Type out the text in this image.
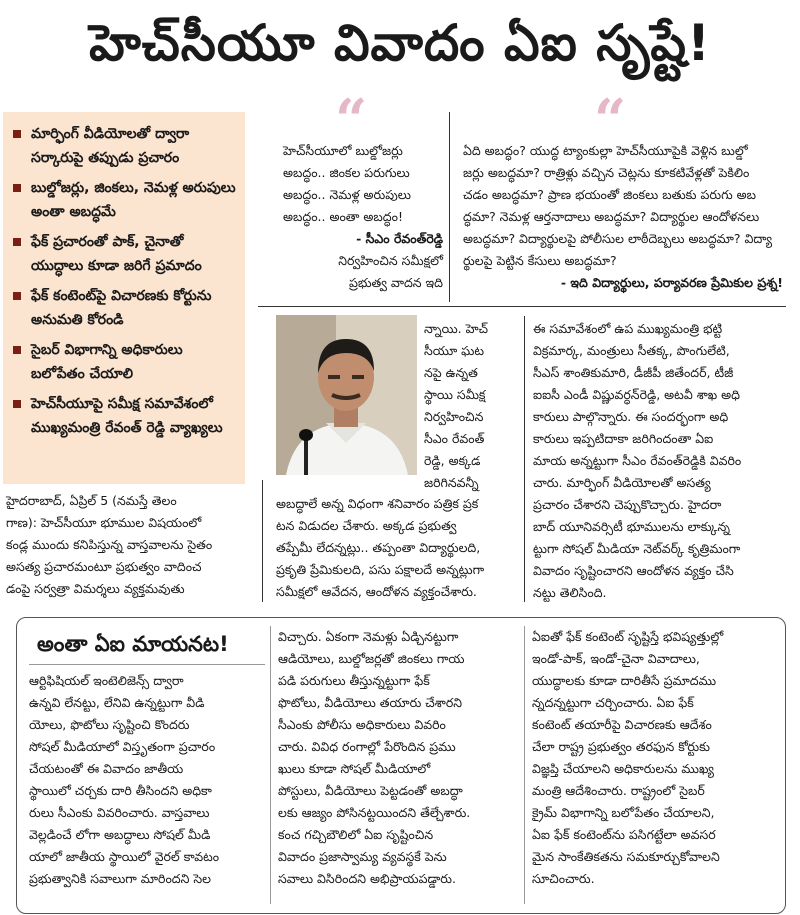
హెచ్‌సీయూ వివాదం ఏఐ సృష్టే!
మార్ఫింగ్ వీడియోలతో ద్వారా సర్కారుపై తప్పుడు ప్రచారం
బుల్డోజర్లు, జింకలు, నెమళ్ల అరుపులు అంతా అబద్ధమే
ఫేక్ ప్రచారంతో పాక్, చైనాతో యుద్ధాలు కూడా జరిగే ప్రమాదం
ఫేక్ కంటెంట్‌పై విచారణకు కోర్టును అనుమతి కోరండి
సైబర్ విభాగాన్ని అధికారులు బలోపేతం చేయాలి
హెచ్‌సీయూపై సమీక్ష సమావేశంలో ముఖ్యమంత్రి రేవంత్ రెడ్డి వ్యాఖ్యలు
“
హెచ్‌సీయూలో బుల్డోజర్లు
అబద్ధం.. జింకల పరుగులు
అబద్ధం.. నెమళ్ల అరుపులు
అబద్ధం.. అంతా అబద్ధం!
- సీఎం రేవంత్‌రెడ్డి
నిర్వహించిన సమీక్షలో
ప్రభుత్వ వాదన ఇది
“
ఏది అబద్ధం? యుద్ధ ట్యాంకుల్లా హెచ్‌సీయూపైకి వెళ్లిన బుల్డో
జర్లు అబద్ధమా? రాత్రిళ్లు వచ్చిన చెట్లను కూకటివేళ్లతో పెకిలిం
చడం అబద్ధమా? ప్రాణ భయంతో జింకలు బతుకు పరుగు అబ
ద్ధమా? నెమళ్ల ఆర్తనాదాలు అబద్ధమా? విద్యార్థుల ఆందోళనలు
అబద్ధమా? విద్యార్థులపై పోలీసుల లాఠీదెబ్బలు అబద్ధమా? విద్యా
ర్థులపై పెట్టిన కేసులు అబద్ధమా?
- ఇది విద్యార్థులు, పర్యావరణ ప్రేమికుల ప్రశ్న!
న్నాయి. హెచ్
సీయూ ఘట
నపై ఉన్నత
స్థాయి సమీక్ష
నిర్వహించిన
సీఎం రేవంత్
రెడ్డి, అక్కడ
జరిగినవన్నీ
అబద్ధాలే అన్న విధంగా శనివారం పత్రిక ప్రక
టన విడుదల చేశారు. అక్కడ ప్రభుత్వ
తప్పేమీ లేదన్నట్లు.. తప్పంతా విద్యార్థులది,
ప్రకృతి ప్రేమికులది, పసు పక్షాలదే అన్నట్లుగా
సమీక్షలో ఆవేదన, ఆందోళన వ్యక్తంచేశారు.
ఈ సమావేశంలో ఉప ముఖ్యమంత్రి భట్టి
విక్రమార్క, మంత్రులు సీతక్క, పొంగులేటి,
సీఎస్ శాంతికుమారి, డీజీపీ జితేందర్, టీజీ
ఐఐసీ ఎండీ విష్ణువర్ధన్‌రెడ్డి, అటవీ శాఖ అధి
కారులు పాల్గొన్నారు. ఈ సందర్భంగా అధి
కారులు ఇప్పటిదాకా జరిగిందంతా ఏఐ
మాయ అన్నట్టుగా సీఎం రేవంత్‌రెడ్డికి వివరిం
చారు. మార్ఫింగ్ వీడియోలతో అసత్య
ప్రచారం చేశారని చెప్పుకొచ్చారు. హైదరా
బాద్ యూనివర్సిటీ భూములను లాక్కున్న
ట్టుగా సోషల్ మీడియా నెట్‌వర్క్ కృత్రిమంగా
వివాదం సృష్టించారని ఆందోళన వ్యక్తం చేసి
నట్టు తెలిసింది.
హైదరాబాద్, ఏప్రిల్ 5 (నమస్తే తెలం
గాణ): హెచ్‌సీయూ భూముల విషయంలో
కండ్ల ముందు కనిపిస్తున్న వాస్తవాలను సైతం
అసత్య ప్రచారమంటూ ప్రభుత్వం వాదించ
డంపై సర్వత్రా విమర్శలు వ్యక్తమవుతు
అంతా ఏఐ మాయనట!
ఆర్టిఫిషియల్ ఇంటెలిజెన్స్ ద్వారా
ఉన్నవి లేనట్టు, లేనివి ఉన్నట్టుగా వీడి
యోలు, ఫొటోలు సృష్టించి కొందరు
సోషల్ మీడియాలో విస్తృతంగా ప్రచారం
చేయటంతో ఈ వివాదం జాతీయ
స్థాయిలో చర్చకు దారి తీసిందని అధికా
రులు సీఎంకు వివరించారు. వాస్తవాలు
వెల్లడించే లోగా అబద్ధాలు సోషల్ మీడి
యాలో జాతీయ స్థాయిలో వైరల్ కావటం
ప్రభుత్వానికి సవాలుగా మారిందని సెల
విచ్చారు. ఏకంగా నెమళ్లు ఏడ్చినట్టుగా
ఆడియోలు, బుల్డోజర్లతో జింకలు గాయ
పడి పరుగులు తీస్తున్నట్టుగా ఫేక్
ఫొటోలు, వీడియోలు తయారు చేశారని
సీఎంకు పోలీసు అధికారులు వివరిం
చారు. వివిధ రంగాల్లో పేరొందిన ప్రము
ఖులు కూడా సోషల్ మీడియాలో
పోస్టులు, వీడియోలు పెట్టడంతో అబద్ధా
లకు ఆజ్యం పోసినట్టయిందని తేల్చేశారు.
కంచ గచ్చిబౌలిలో ఏఐ సృష్టించిన
వివాదం ప్రజాస్వామ్య వ్యవస్థకే పెను
సవాలు విసిరిందని అభిప్రాయపడ్డారు.
ఏఐతో ఫేక్ కంటెంట్ సృష్టిస్తే భవిష్యత్తుల్లో
ఇండో-పాక్, ఇండో-చైనా వివాదాలు,
యుద్ధాలకు కూడా దారితీసే ప్రమాదము
న్నదన్నట్టుగా చర్చించారు. ఏఐ ఫేక్
కంటెంట్ తయారీపై విచారణకు ఆదేశం
చేలా రాష్ట్ర ప్రభుత్వం తరఫున కోర్టుకు
విజ్ఞప్తి చేయాలని అధికారులను ముఖ్య
మంత్రి ఆదేశించారు. రాష్ట్రంలో సైబర్
క్రైమ్ విభాగాన్ని బలోపేతం చేయాలని,
ఏఐ ఫేక్ కంటెంట్‌ను పసిగట్టేలా అవసర
మైన సాంకేతికతను సమకూర్చుకోవాలని
సూచించారు.
